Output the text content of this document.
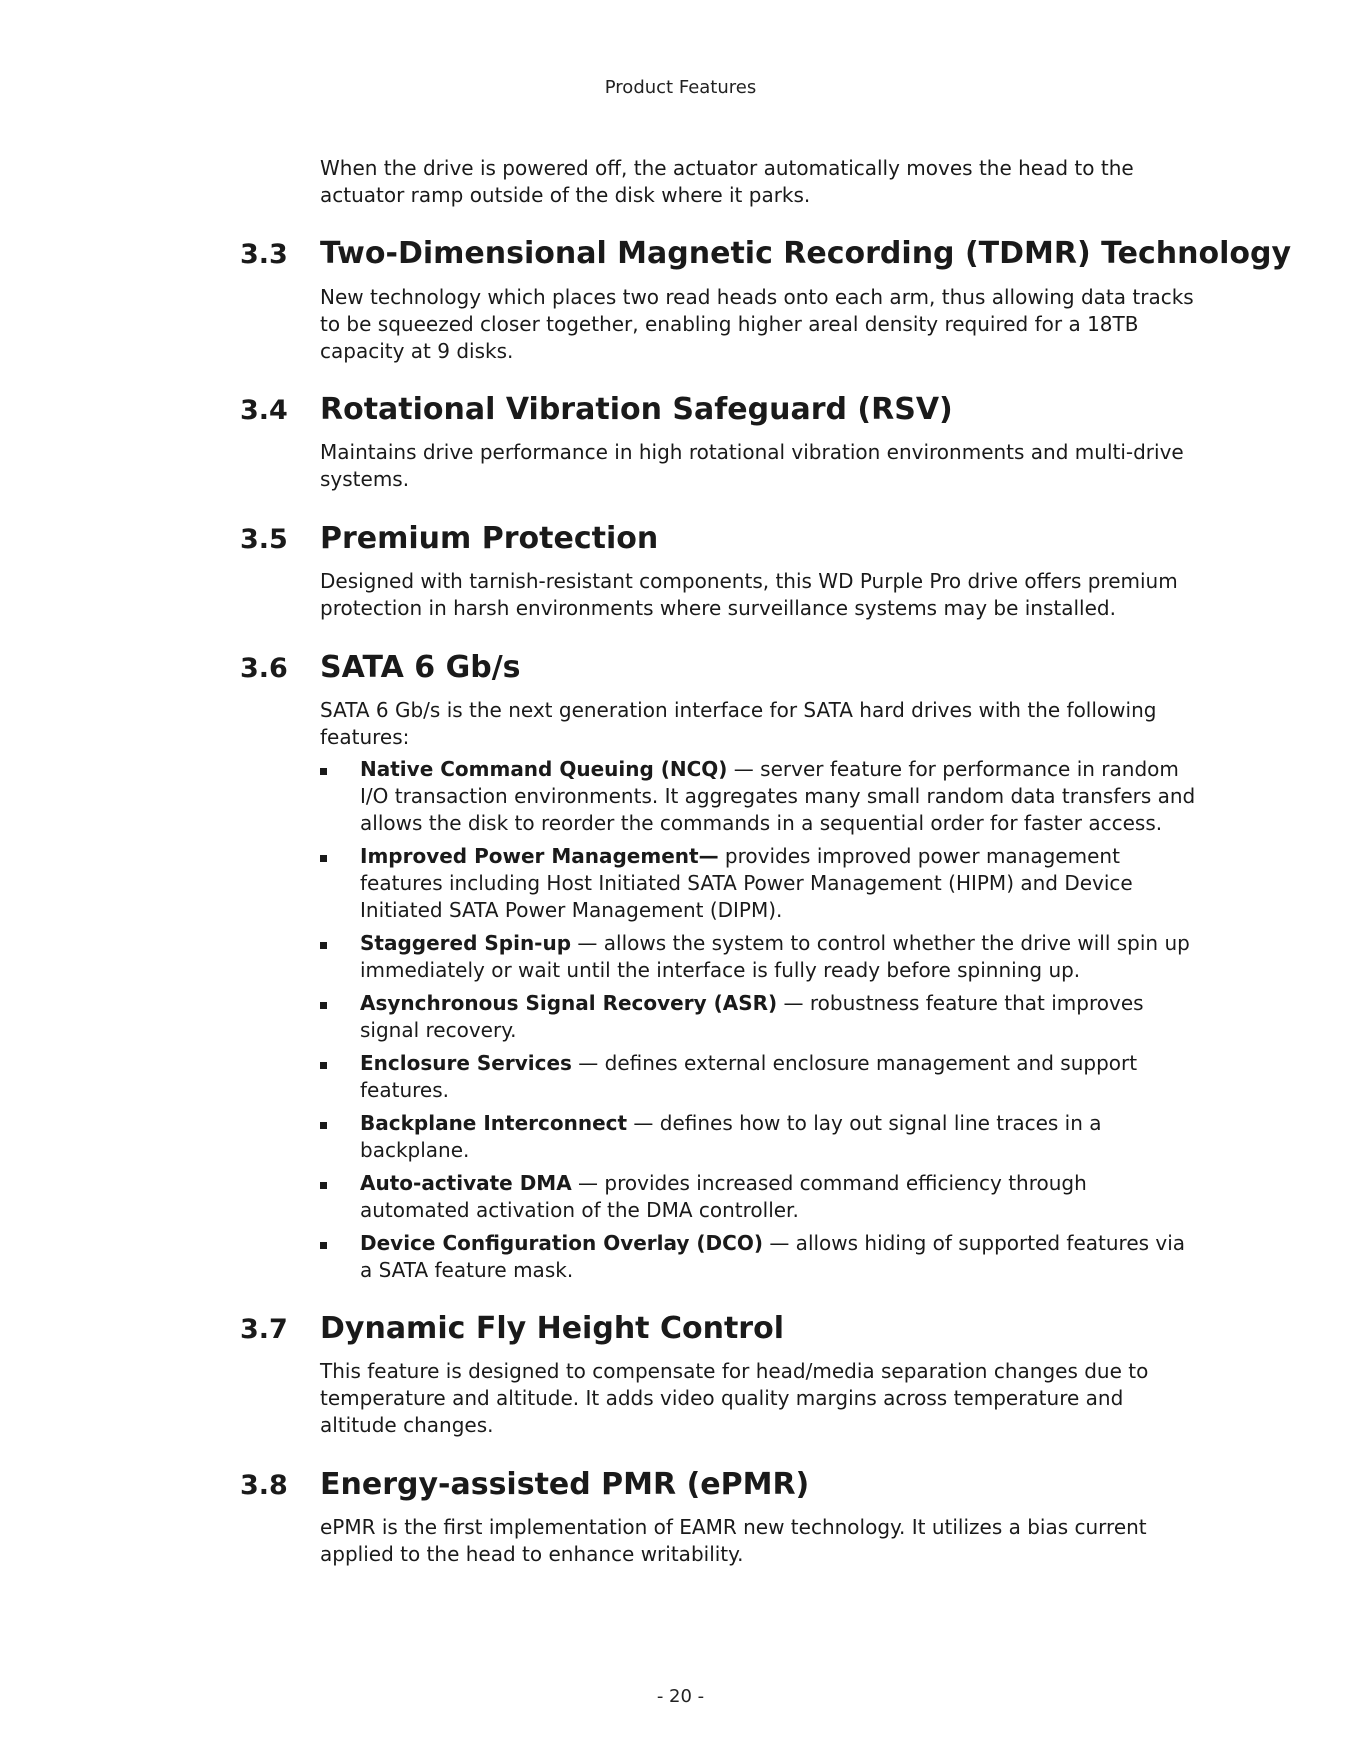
Product Features

When the drive is powered off, the actuator automatically moves the head to the actuator ramp outside of the disk where it parks.

3.3 Two-Dimensional Magnetic Recording (TDMR) Technology

New technology which places two read heads onto each arm, thus allowing data tracks to be squeezed closer together, enabling higher areal density required for a 18TB capacity at 9 disks.

3.4 Rotational Vibration Safeguard (RSV)

Maintains drive performance in high rotational vibration environments and multi-drive systems.

3.5 Premium Protection

Designed with tarnish-resistant components, this WD Purple Pro drive offers premium protection in harsh environments where surveillance systems may be installed.

3.6 SATA 6 Gb/s

SATA 6 Gb/s is the next generation interface for SATA hard drives with the following features:

Native Command Queuing (NCQ) — server feature for performance in random I/O transaction environments. It aggregates many small random data transfers and allows the disk to reorder the commands in a sequential order for faster access.
Improved Power Management— provides improved power management features including Host Initiated SATA Power Management (HIPM) and Device Initiated SATA Power Management (DIPM).
Staggered Spin-up — allows the system to control whether the drive will spin up immediately or wait until the interface is fully ready before spinning up.
Asynchronous Signal Recovery (ASR) — robustness feature that improves signal recovery.
Enclosure Services — defines external enclosure management and support features.
Backplane Interconnect — defines how to lay out signal line traces in a backplane.
Auto-activate DMA — provides increased command efficiency through automated activation of the DMA controller.
Device Configuration Overlay (DCO) — allows hiding of supported features via a SATA feature mask.
3.7 Dynamic Fly Height Control

This feature is designed to compensate for head/media separation changes due to temperature and altitude. It adds video quality margins across temperature and altitude changes.

3.8 Energy-assisted PMR (ePMR)

ePMR is the first implementation of EAMR new technology. It utilizes a bias current applied to the head to enhance writability.

- 20 -
